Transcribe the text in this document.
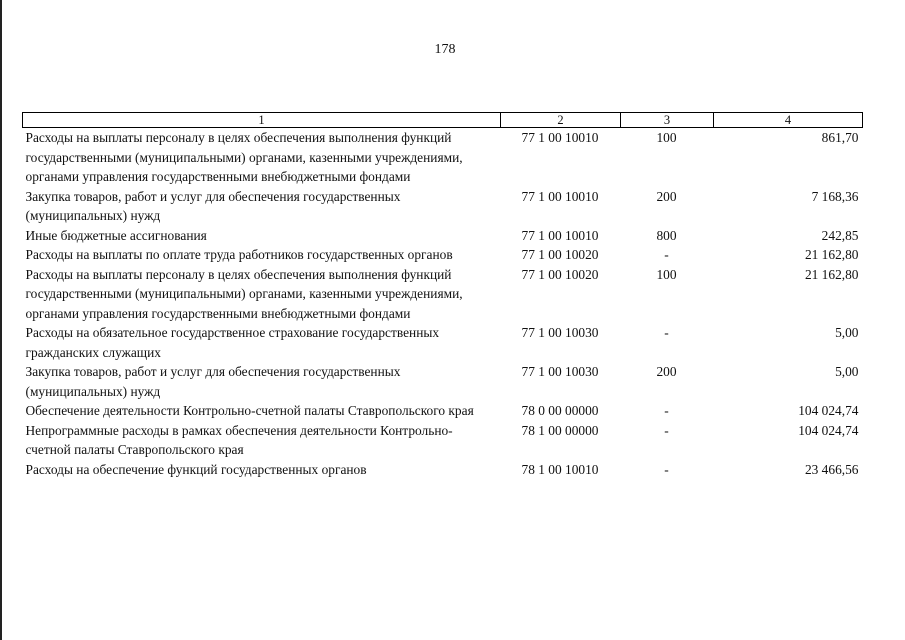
178
1	2	3	4
Расходы на выплаты персоналу в целях обеспечения выполнения функций государственными (муниципальными) органами, казенными учреждениями, органами управления государственными внебюджетными фондами	77 1 00 10010	100	861,70
Закупка товаров, работ и услуг для обеспечения государственных (муниципальных) нужд	77 1 00 10010	200	7 168,36
Иные бюджетные ассигнования	77 1 00 10010	800	242,85
Расходы на выплаты по оплате труда работников государственных органов	77 1 00 10020	-	21 162,80
Расходы на выплаты персоналу в целях обеспечения выполнения функций государственными (муниципальными) органами, казенными учреждениями, органами управления государственными внебюджетными фондами	77 1 00 10020	100	21 162,80
Расходы на обязательное государственное страхование государственных гражданских служащих	77 1 00 10030	-	5,00
Закупка товаров, работ и услуг для обеспечения государственных (муниципальных) нужд	77 1 00 10030	200	5,00
Обеспечение деятельности Контрольно-счетной палаты Ставропольского края	78 0 00 00000	-	104 024,74
Непрограммные расходы в рамках обеспечения деятельности Контрольно-счетной палаты Ставропольского края	78 1 00 00000	-	104 024,74
Расходы на обеспечение функций государственных органов	78 1 00 10010	-	23 466,56
